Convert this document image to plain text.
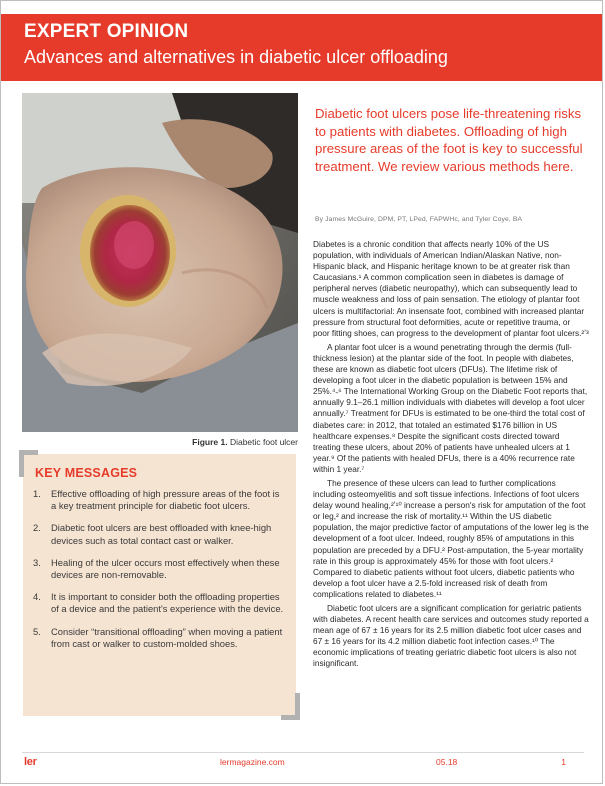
EXPERT OPINION
Advances and alternatives in diabetic ulcer offloading
Figure 1. Diabetic foot ulcer
KEY MESSAGES
1. Effective offloading of high pressure areas of the foot is a key treatment principle for diabetic foot ulcers.
2. Diabetic foot ulcers are best offloaded with knee-high devices such as total contact cast or walker.
3. Healing of the ulcer occurs most effectively when these devices are non-removable.
4. It is important to consider both the offloading properties of a device and the patient's experience with the device.
5. Consider “transitional offloading” when moving a patient from cast or walker to custom-molded shoes.
Diabetic foot ulcers pose life-threatening risks to patients with diabetes. Offloading of high pressure areas of the foot is key to successful treatment. We review various methods here.
By James McGuire, DPM, PT, LPed, FAPWHc, and Tyler Coye, BA

Diabetes is a chronic condition that affects nearly 10% of the US population, with individuals of American Indian/Alaskan Native, non-Hispanic black, and Hispanic heritage known to be at greater risk than Caucasians.¹ A common complication seen in diabetes is damage of peripheral nerves (diabetic neuropathy), which can subsequently lead to muscle weakness and loss of pain sensation. The etiology of plantar foot ulcers is multifactorial: An insensate foot, combined with increased plantar pressure from structural foot deformities, acute or repetitive trauma, or poor fitting shoes, can progress to the development of plantar foot ulcers.²ʼ³

A plantar foot ulcer is a wound penetrating through the dermis (full-thickness lesion) at the plantar side of the foot. In people with diabetes, these are known as diabetic foot ulcers (DFUs). The lifetime risk of developing a foot ulcer in the diabetic population is between 15% and 25%.⁴˗⁶ The International Working Group on the Diabetic Foot reports that, annually 9.1–26.1 million individuals with diabetes will develop a foot ulcer annually.⁷ Treatment for DFUs is estimated to be one-third the total cost of diabetes care: in 2012, that totaled an estimated $176 billion in US healthcare expenses.⁸ Despite the significant costs directed toward treating these ulcers, about 20% of patients have unhealed ulcers at 1 year.⁹ Of the patients with healed DFUs, there is a 40% recurrence rate within 1 year.⁷

The presence of these ulcers can lead to further complications including osteomyelitis and soft tissue infections. Infections of foot ulcers delay wound healing,²ʼ¹⁰ increase a person's risk for amputation of the foot or leg,² and increase the risk of mortality.¹¹ Within the US diabetic population, the major predictive factor of amputations of the lower leg is the development of a foot ulcer. Indeed, roughly 85% of amputations in this population are preceded by a DFU.² Post-amputation, the 5-year mortality rate in this group is approximately 45% for those with foot ulcers.² Compared to diabetic patients without foot ulcers, diabetic patients who develop a foot ulcer have a 2.5-fold increased risk of death from complications related to diabetes.¹¹

Diabetic foot ulcers are a significant complication for geriatric patients with diabetes. A recent health care services and outcomes study reported a mean age of 67 ± 16 years for its 2.5 million diabetic foot ulcer cases and 67 ± 16 years for its 4.2 million diabetic foot infection cases.¹⁰ The economic implications of treating geriatric diabetic foot ulcers is also not insignificant.

ler	lermagazine.com	05.18	1
